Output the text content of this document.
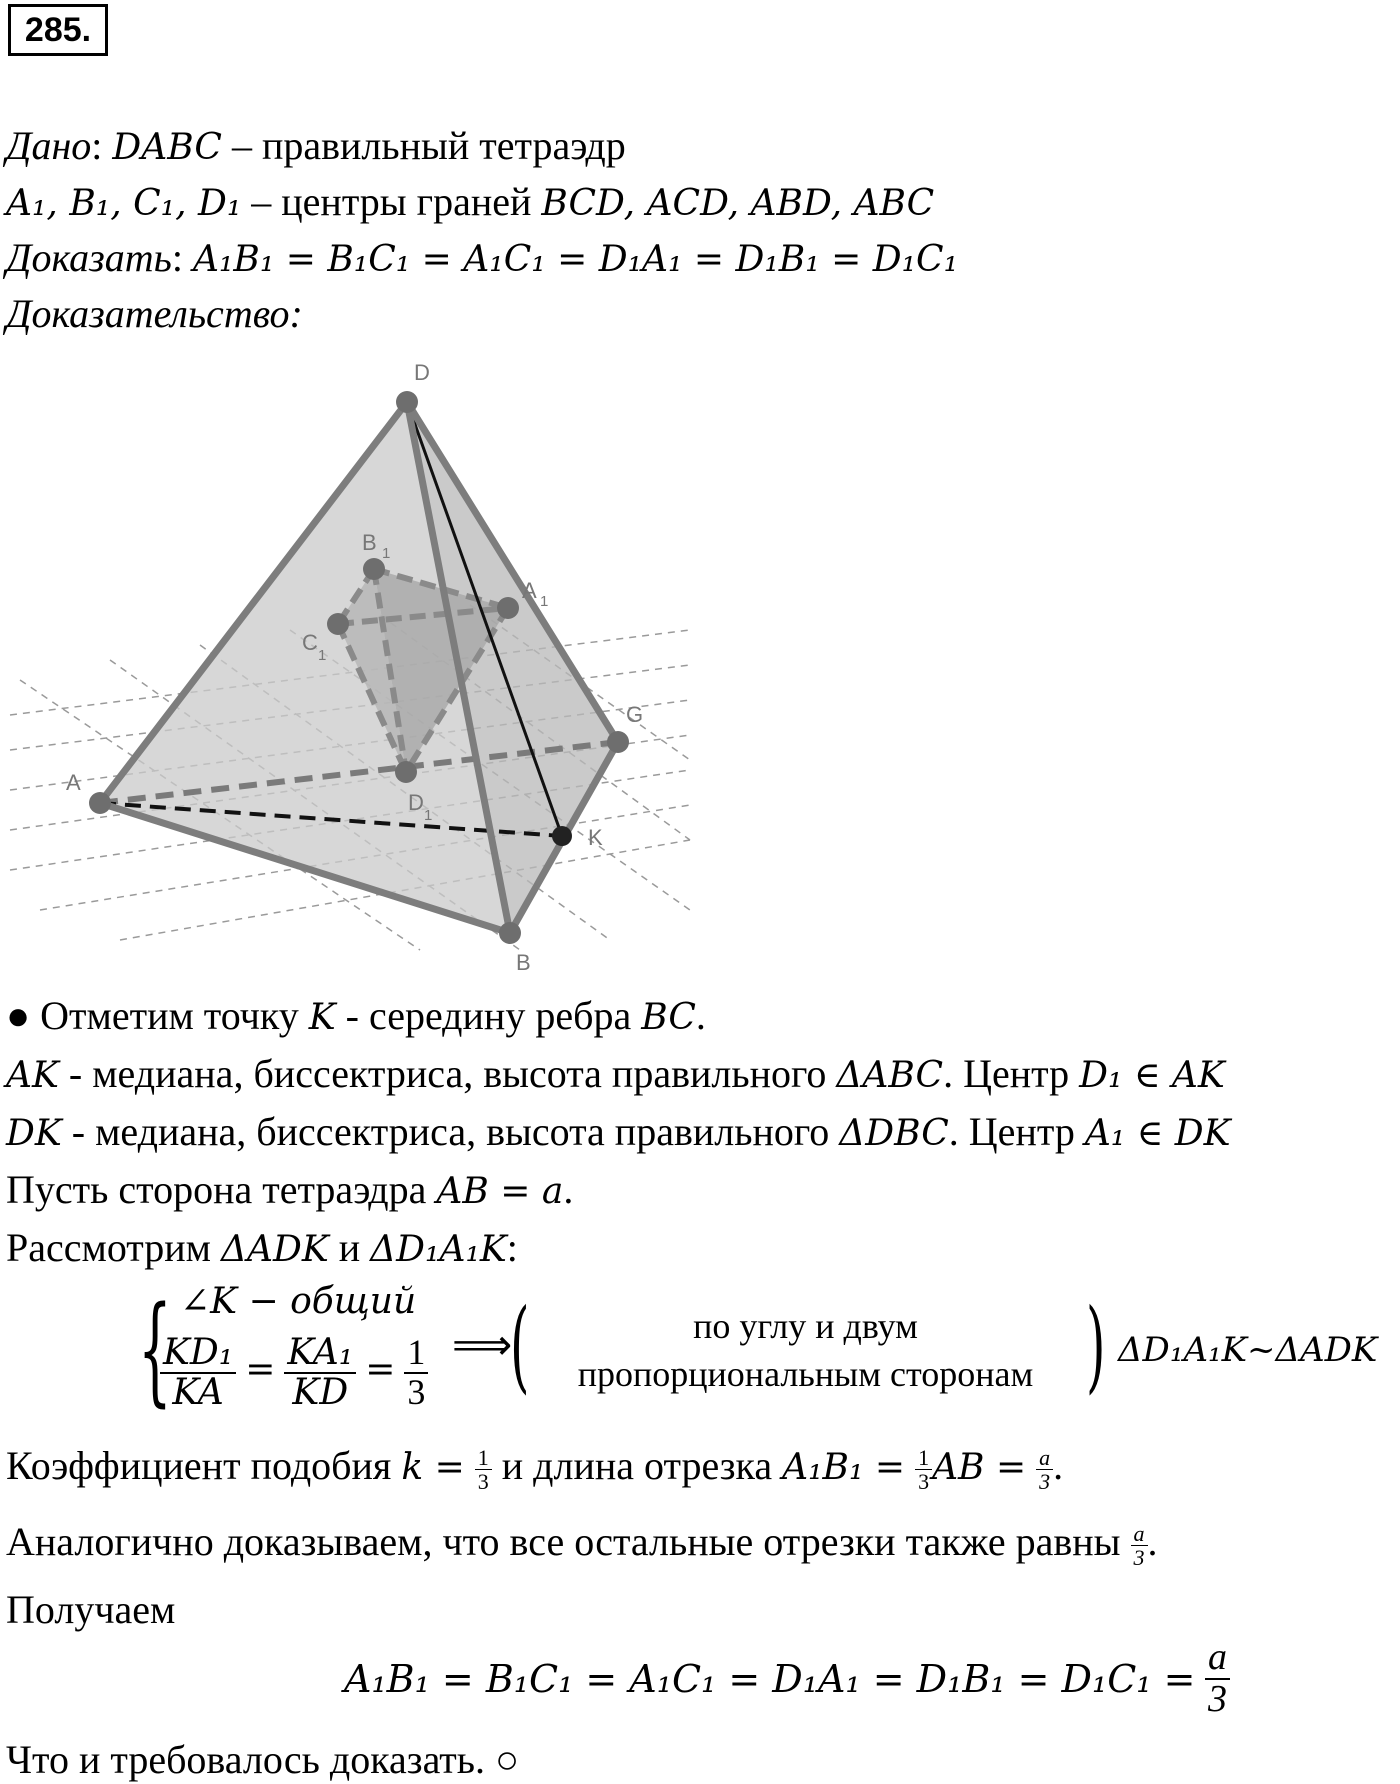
285.
Дано: DABC – правильный тетраэдр
A₁, B₁, C₁, D₁ – центры граней BCD, ACD, ABD, ABC
Доказать: A₁B₁ = B₁C₁ = A₁C₁ = D₁A₁ = D₁B₁ = D₁C₁
Доказательство:
D
A
B
G
K
B 1
A 1
C
1
D
1
● Отметим точку K - середину ребра BC.
AK - медиана, биссектриса, высота правильного ΔABC. Центр D₁ ∈ AK
DK - медиана, биссектриса, высота правильного ΔDBC. Центр A₁ ∈ DK
Пусть сторона тетраэдра AB = a.
Рассмотрим ΔADK и ΔD₁A₁K:
{ ∠K − общий
$\frac{\text{KD₁}}{KA} = \frac{\text{KA₁}}{KD} = \frac{1}{3}$ ⟹
(	по углу и двум
пропорциональным сторонам ) ΔD₁A₁K~ΔADK
Коэффициент подобия $k = \frac{1}{3}$ и длина отрезка $A_1B_1 = \frac{1}{3}$ AB = $\frac{a}{3}$ .
Аналогично доказываем, что все остальные отрезки также равны $\frac{a}{3}$ .
Получаем
$A_1B_1 = B_1C_1 = A_1C_1 = D_1A_1 = D_1B_1 = D_1C_1 = \frac{a}{3}$
Что и требовалось доказать. ○
